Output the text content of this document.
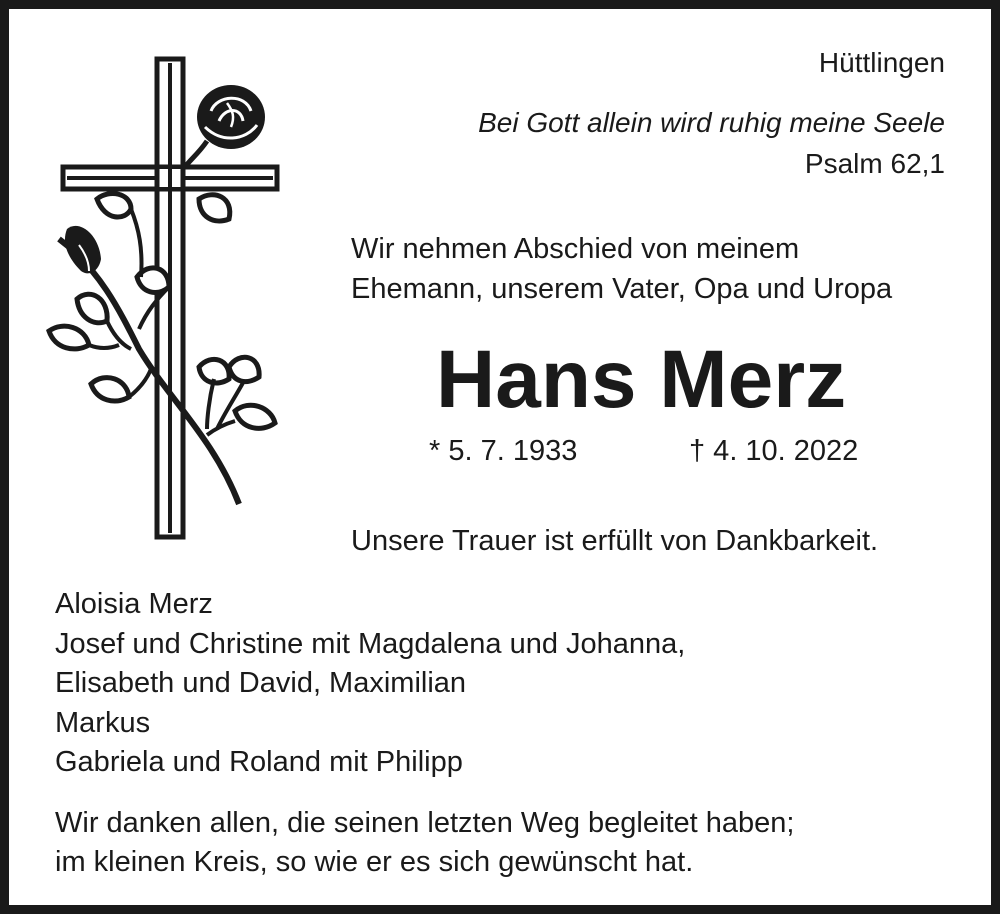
Hüttlingen
Bei Gott allein wird ruhig meine Seele
Psalm 62,1
Wir nehmen Abschied von meinem
Ehemann, unserem Vater, Opa und Uropa
Hans Merz
* 5. 7. 1933	† 4. 10. 2022
Unsere Trauer ist erfüllt von Dankbarkeit.
Aloisia Merz
Josef und Christine mit Magdalena und Johanna,
Elisabeth und David, Maximilian
Markus
Gabriela und Roland mit Philipp
Wir danken allen, die seinen letzten Weg begleitet haben;
im kleinen Kreis, so wie er es sich gewünscht hat.
